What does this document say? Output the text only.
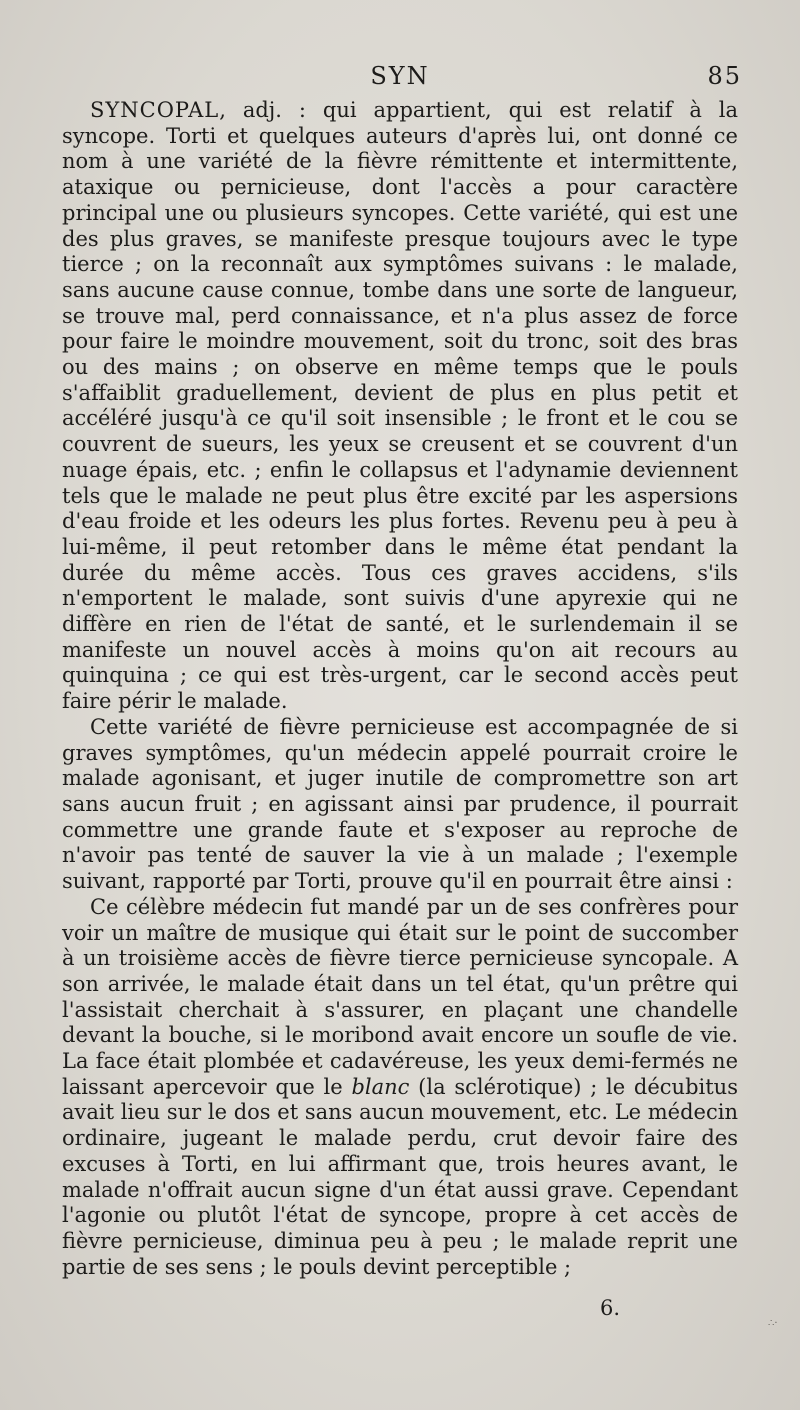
SYN	85

SYNCOPAL, adj. : qui appartient, qui est relatif à la syncope. Torti et quelques auteurs d'après lui, ont donné ce nom à une variété de la fièvre rémittente et intermittente, ataxique ou pernicieuse, dont l'accès a pour caractère principal une ou plusieurs syncopes. Cette variété, qui est une des plus graves, se manifeste presque toujours avec le type tierce ; on la reconnaît aux symptômes suivans : le malade, sans aucune cause connue, tombe dans une sorte de langueur, se trouve mal, perd connaissance, et n'a plus assez de force pour faire le moindre mouvement, soit du tronc, soit des bras ou des mains ; on observe en même temps que le pouls s'affaiblit graduellement, devient de plus en plus petit et accéléré jusqu'à ce qu'il soit insensible ; le front et le cou se couvrent de sueurs, les yeux se creusent et se couvrent d'un nuage épais, etc. ; enfin le collapsus et l'adynamie deviennent tels que le malade ne peut plus être excité par les aspersions d'eau froide et les odeurs les plus fortes. Revenu peu à peu à lui-même, il peut retomber dans le même état pendant la durée du même accès. Tous ces graves accidens, s'ils n'emportent le malade, sont suivis d'une apyrexie qui ne diffère en rien de l'état de santé, et le surlendemain il se manifeste un nouvel accès à moins qu'on ait recours au quinquina ; ce qui est très-urgent, car le second accès peut faire périr le malade.

Cette variété de fièvre pernicieuse est accompagnée de si graves symptômes, qu'un médecin appelé pourrait croire le malade agonisant, et juger inutile de compromettre son art sans aucun fruit ; en agissant ainsi par prudence, il pourrait commettre une grande faute et s'exposer au reproche de n'avoir pas tenté de sauver la vie à un malade ; l'exemple suivant, rapporté par Torti, prouve qu'il en pourrait être ainsi :

Ce célèbre médecin fut mandé par un de ses confrères pour voir un maître de musique qui était sur le point de succomber à un troisième accès de fièvre tierce pernicieuse syncopale. A son arrivée, le malade était dans un tel état, qu'un prêtre qui l'assistait cherchait à s'assurer, en plaçant une chandelle devant la bouche, si le moribond avait encore un soufle de vie. La face était plombée et cadavéreuse, les yeux demi-fermés ne laissant apercevoir que le blanc (la sclérotique) ; le décubitus avait lieu sur le dos et sans aucun mouvement, etc. Le médecin ordinaire, jugeant le malade perdu, crut devoir faire des excuses à Torti, en lui affirmant que, trois heures avant, le malade n'offrait aucun signe d'un état aussi grave. Cependant l'agonie ou plutôt l'état de syncope, propre à cet accès de fièvre pernicieuse, diminua peu à peu ; le malade reprit une partie de ses sens ; le pouls devint perceptible ;

6.
∴·
